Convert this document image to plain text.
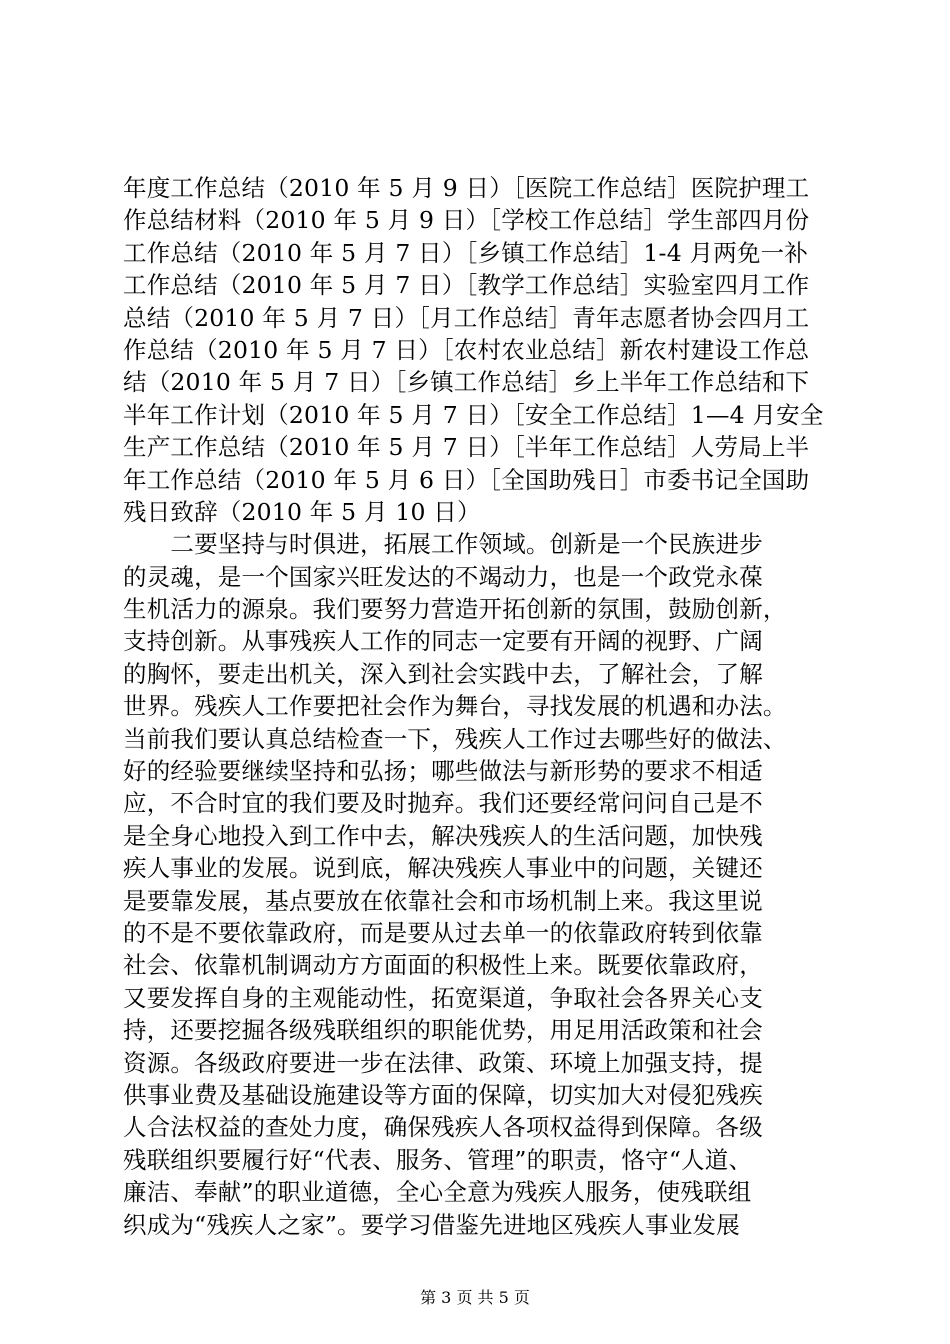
年度工作总结（2010 年 5 月 9 日）［医院工作总结］医院护理工
作总结材料（2010 年 5 月 9 日）［学校工作总结］学生部四月份
工作总结（2010 年 5 月 7 日）［乡镇工作总结］1-4 月两免一补
工作总结（2010 年 5 月 7 日）［教学工作总结］实验室四月工作
总结（2010 年 5 月 7 日）［月工作总结］青年志愿者协会四月工
作总结（2010 年 5 月 7 日）［农村农业总结］新农村建设工作总
结（2010 年 5 月 7 日）［乡镇工作总结］乡上半年工作总结和下
半年工作计划（2010 年 5 月 7 日）［安全工作总结］1—4 月安全
生产工作总结（2010 年 5 月 7 日）［半年工作总结］人劳局上半
年工作总结（2010 年 5 月 6 日）［全国助残日］市委书记全国助
残日致辞（2010 年 5 月 10 日）
　　二要坚持与时俱进，拓展工作领域。创新是一个民族进步
的灵魂，是一个国家兴旺发达的不竭动力，也是一个政党永葆
生机活力的源泉。我们要努力营造开拓创新的氛围，鼓励创新，
支持创新。从事残疾人工作的同志一定要有开阔的视野、广阔
的胸怀，要走出机关，深入到社会实践中去，了解社会，了解
世界。残疾人工作要把社会作为舞台，寻找发展的机遇和办法。
当前我们要认真总结检查一下，残疾人工作过去哪些好的做法、
好的经验要继续坚持和弘扬；哪些做法与新形势的要求不相适
应，不合时宜的我们要及时抛弃。我们还要经常问问自己是不
是全身心地投入到工作中去，解决残疾人的生活问题，加快残
疾人事业的发展。说到底，解决残疾人事业中的问题，关键还
是要靠发展，基点要放在依靠社会和市场机制上来。我这里说
的不是不要依靠政府，而是要从过去单一的依靠政府转到依靠
社会、依靠机制调动方方面面的积极性上来。既要依靠政府，
又要发挥自身的主观能动性，拓宽渠道，争取社会各界关心支
持，还要挖掘各级残联组织的职能优势，用足用活政策和社会
资源。各级政府要进一步在法律、政策、环境上加强支持，提
供事业费及基础设施建设等方面的保障，切实加大对侵犯残疾
人合法权益的查处力度，确保残疾人各项权益得到保障。各级
残联组织要履行好“代表、服务、管理”的职责，恪守“人道、
廉洁、奉献”的职业道德，全心全意为残疾人服务，使残联组
织成为“残疾人之家”。要学习借鉴先进地区残疾人事业发展
第 3 页 共 5 页
